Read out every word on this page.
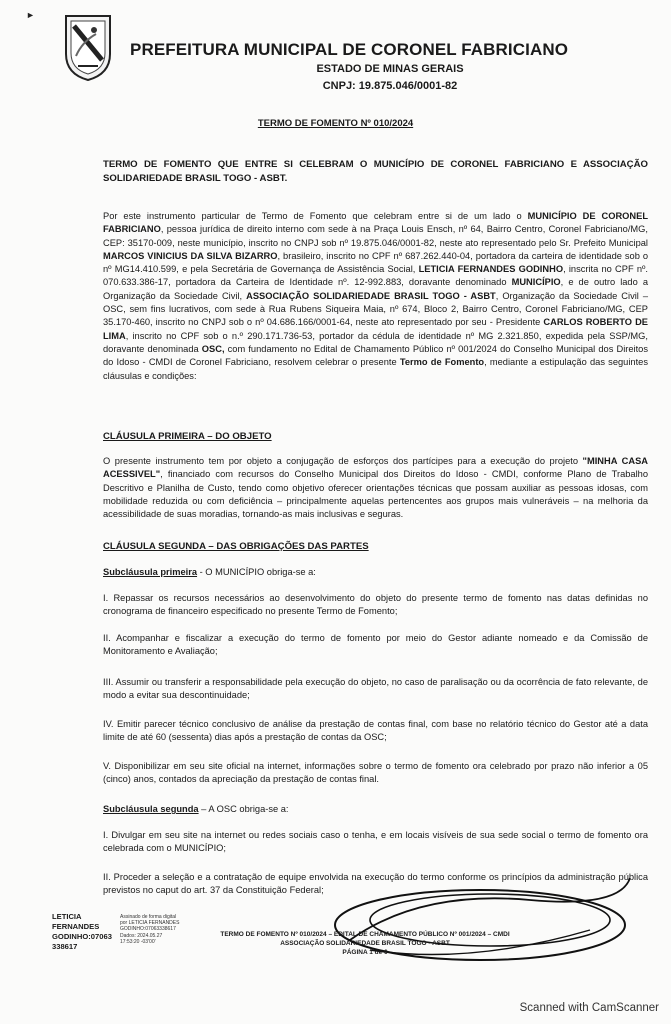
►
PREFEITURA MUNICIPAL DE CORONEL FABRICIANO
ESTADO DE MINAS GERAIS
CNPJ: 19.875.046/0001-82
TERMO DE FOMENTO Nº 010/2024
TERMO DE FOMENTO QUE ENTRE SI CELEBRAM O MUNICÍPIO DE CORONEL FABRICIANO E ASSOCIAÇÃO SOLIDARIEDADE BRASIL TOGO - ASBT.
Por este instrumento particular de Termo de Fomento que celebram entre si de um lado o MUNICÍPIO DE CORONEL FABRICIANO, pessoa jurídica de direito interno com sede à na Praça Louis Ensch, nº 64, Bairro Centro, Coronel Fabriciano/MG, CEP: 35170-009, neste município, inscrito no CNPJ sob nº 19.875.046/0001-82, neste ato representado pelo Sr. Prefeito Municipal MARCOS VINICIUS DA SILVA BIZARRO, brasileiro, inscrito no CPF nº 687.262.440-04, portadora da carteira de identidade sob o nº MG14.410.599, e pela Secretária de Governança de Assistência Social, LETICIA FERNANDES GODINHO, inscrita no CPF nº. 070.633.386-17, portadora da Carteira de Identidade nº. 12-992.883, doravante denominado MUNICÍPIO, e de outro lado a Organização da Sociedade Civil, ASSOCIAÇÃO SOLIDARIEDADE BRASIL TOGO - ASBT, Organização da Sociedade Civil –OSC, sem fins lucrativos, com sede à Rua Rubens Siqueira Maia, nº 674, Bloco 2, Bairro Centro, Coronel Fabriciano/MG, CEP 35.170-460, inscrito no CNPJ sob o nº 04.686.166/0001-64, neste ato representado por seu - Presidente CARLOS ROBERTO DE LIMA, inscrito no CPF sob o n.º 290.171.736-53, portador da cédula de identidade nº MG 2.321.850, expedida pela SSP/MG, doravante denominada OSC, com fundamento no Edital de Chamamento Público nº 001/2024 do Conselho Municipal dos Direitos do Idoso - CMDI de Coronel Fabriciano, resolvem celebrar o presente Termo de Fomento, mediante a estipulação das seguintes cláusulas e condições:
CLÁUSULA PRIMEIRA – DO OBJETO
O presente instrumento tem por objeto a conjugação de esforços dos partícipes para a execução do projeto "MINHA CASA ACESSIVEL", financiado com recursos do Conselho Municipal dos Direitos do Idoso - CMDI, conforme Plano de Trabalho Descritivo e Planilha de Custo, tendo como objetivo oferecer orientações técnicas que possam auxiliar as pessoas idosas, com mobilidade reduzida ou com deficiência – principalmente aquelas pertencentes aos grupos mais vulneráveis – na melhoria da acessibilidade de suas moradias, tornando-as mais inclusivas e seguras.
CLÁUSULA SEGUNDA – DAS OBRIGAÇÕES DAS PARTES
Subcláusula primeira - O MUNICÍPIO obriga-se a:
I. Repassar os recursos necessários ao desenvolvimento do objeto do presente termo de fomento nas datas definidas no cronograma de financeiro especificado no presente Termo de Fomento;
II. Acompanhar e fiscalizar a execução do termo de fomento por meio do Gestor adiante nomeado e da Comissão de Monitoramento e Avaliação;
III. Assumir ou transferir a responsabilidade pela execução do objeto, no caso de paralisação ou da ocorrência de fato relevante, de modo a evitar sua descontinuidade;
IV. Emitir parecer técnico conclusivo de análise da prestação de contas final, com base no relatório técnico do Gestor até a data limite de até 60 (sessenta) dias após a prestação de contas da OSC;
V. Disponibilizar em seu site oficial na internet, informações sobre o termo de fomento ora celebrado por prazo não inferior a 05 (cinco) anos, contados da apreciação da prestação de contas final.
Subcláusula segunda – A OSC obriga-se a:
I. Divulgar em seu site na internet ou redes sociais caso o tenha, e em locais visíveis de sua sede social o termo de fomento ora celebrada com o MUNICÍPIO;
II. Proceder a seleção e a contratação de equipe envolvida na execução do termo conforme os princípios da administração pública previstos no caput do art. 37 da Constituição Federal;
LETICIA
FERNANDES
GODINHO:07063
338617
Assinado de forma digital
por LETICIA FERNANDES
GODINHO:07063338617
Dados: 2024.05.27
17:53:20 -03'00'
TERMO DE FOMENTO Nº 010/2024 – EDITAL DE CHAMAMENTO PÚBLICO Nº 001/2024 – CMDI
ASSOCIAÇÃO SOLIDARIEDADE BRASIL TOGO - ASBT
PÁGINA 1 de 6
Scanned with CamScanner
